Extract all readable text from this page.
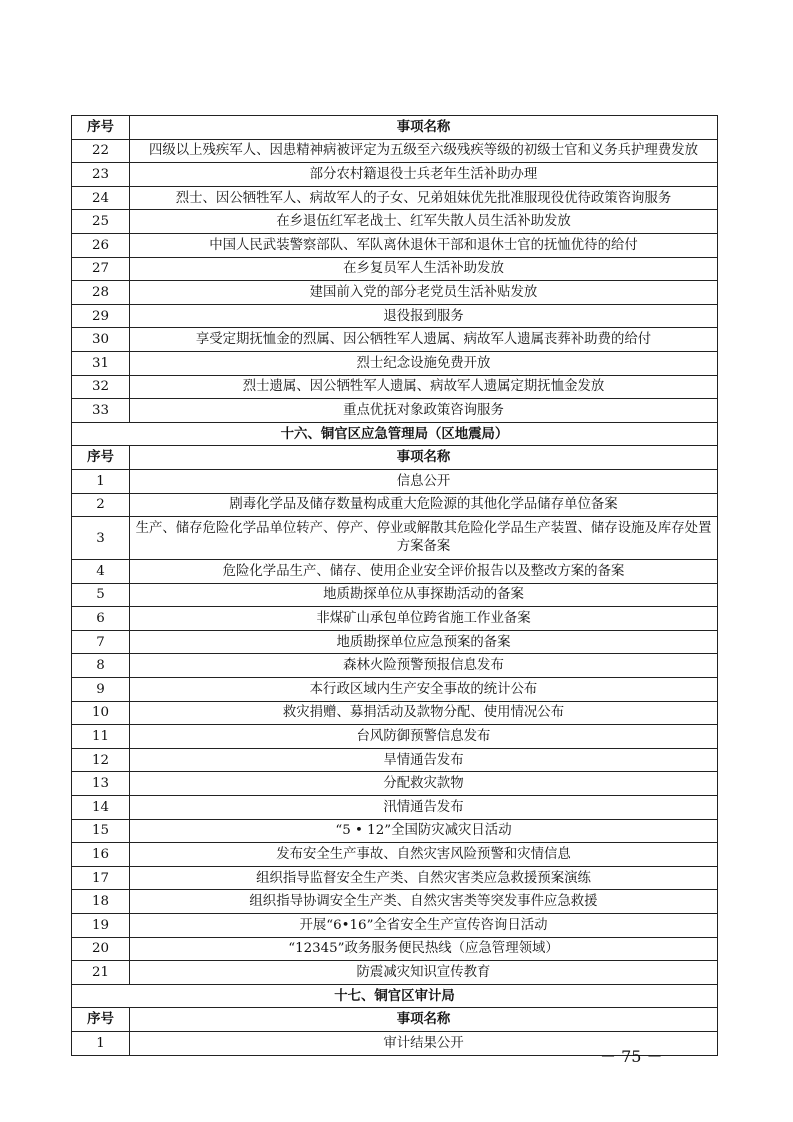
序号	事项名称
22	四级以上残疾军人、因患精神病被评定为五级至六级残疾等级的初级士官和义务兵护理费发放
23	部分农村籍退役士兵老年生活补助办理
24	烈士、因公牺牲军人、病故军人的子女、兄弟姐妹优先批准服现役优待政策咨询服务
25	在乡退伍红军老战士、红军失散人员生活补助发放
26	中国人民武装警察部队、军队离休退休干部和退休士官的抚恤优待的给付
27	在乡复员军人生活补助发放
28	建国前入党的部分老党员生活补贴发放
29	退役报到服务
30	享受定期抚恤金的烈属、因公牺牲军人遗属、病故军人遗属丧葬补助费的给付
31	烈士纪念设施免费开放
32	烈士遗属、因公牺牲军人遗属、病故军人遗属定期抚恤金发放
33	重点优抚对象政策咨询服务
十六、铜官区应急管理局（区地震局）	
序号	事项名称
1	信息公开
2	剧毒化学品及储存数量构成重大危险源的其他化学品储存单位备案
3	生产、储存危险化学品单位转产、停产、停业或解散其危险化学品生产装置、储存设施及库存处置方案备案
4	危险化学品生产、储存、使用企业安全评价报告以及整改方案的备案
5	地质勘探单位从事探勘活动的备案
6	非煤矿山承包单位跨省施工作业备案
7	地质勘探单位应急预案的备案
8	森林火险预警预报信息发布
9	本行政区域内生产安全事故的统计公布
10	救灾捐赠、募捐活动及款物分配、使用情况公布
11	台风防御预警信息发布
12	旱情通告发布
13	分配救灾款物
14	汛情通告发布
15	“5 • 12”全国防灾减灾日活动
16	发布安全生产事故、自然灾害风险预警和灾情信息
17	组织指导监督安全生产类、自然灾害类应急救援预案演练
18	组织指导协调安全生产类、自然灾害类等突发事件应急救援
19	开展“6•16”全省安全生产宣传咨询日活动
20	“12345”政务服务便民热线（应急管理领域）
21	防震减灾知识宣传教育
十七、铜官区审计局	
序号	事项名称
1	审计结果公开
－ 75 －
